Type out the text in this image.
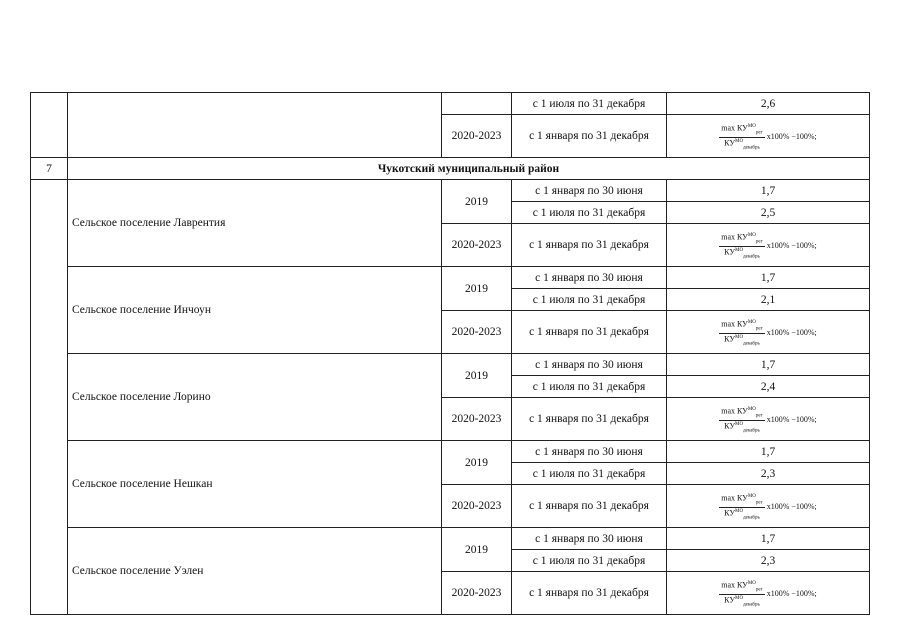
			с 1 июля по 31 декабря	2,6
		2020-2023	с 1 января по 31 декабря	$\frac{\max КУ^{МО}_{рег}}{КУ^{МО}_{декабрь}} х100\% -100\%$;

7	Чукотский муниципальный район			
	Сельское поселение Лаврентия	2019	с 1 января по 30 июня	1,7
			с 1 июля по 31 декабря	2,5
		2020-2023	с 1 января по 31 декабря	$\frac{\max КУ^{МО}_{рег}}{КУ^{МО}_{декабрь}} х100\% -100\%$;

	Сельское поселение Инчоун	2019	с 1 января по 30 июня	1,7
			с 1 июля по 31 декабря	2,1
		2020-2023	с 1 января по 31 декабря	$\frac{\max КУ^{МО}_{рег}}{КУ^{МО}_{декабрь}} х100\% -100\%$;

	Сельское поселение Лорино	2019	с 1 января по 30 июня	1,7
			с 1 июля по 31 декабря	2,4
		2020-2023	с 1 января по 31 декабря	$\frac{\max КУ^{МО}_{рег}}{КУ^{МО}_{декабрь}} х100\% -100\%$;

	Сельское поселение Нешкан	2019	с 1 января по 30 июня	1,7
			с 1 июля по 31 декабря	2,3
		2020-2023	с 1 января по 31 декабря	$\frac{\max КУ^{МО}_{рег}}{КУ^{МО}_{декабрь}} х100\% -100\%$;

	Сельское поселение Уэлен	2019	с 1 января по 30 июня	1,7
			с 1 июля по 31 декабря	2,3
		2020-2023	с 1 января по 31 декабря	$\frac{\max КУ^{МО}_{рег}}{КУ^{МО}_{декабрь}} х100\% -100\%$;
